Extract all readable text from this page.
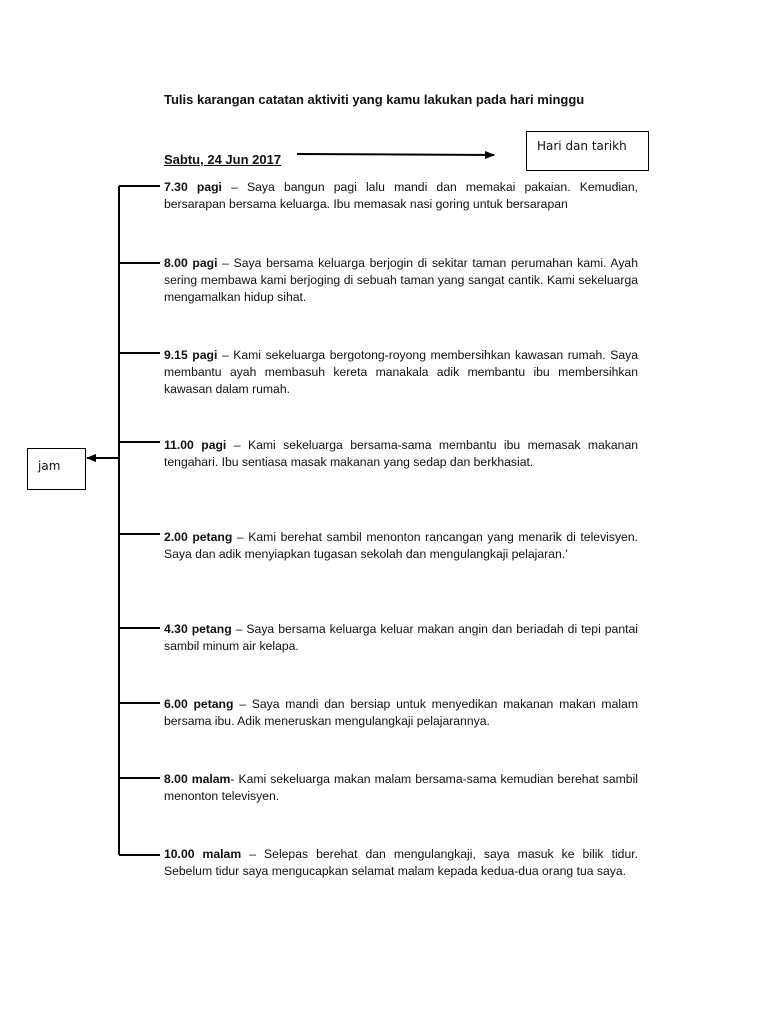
Tulis karangan catatan aktiviti yang kamu lakukan pada hari minggu
Sabtu, 24 Jun 2017
Hari dan tarikh
jam
7.30 pagi – Saya bangun pagi lalu mandi dan memakai pakaian. Kemudian, bersarapan bersama keluarga. Ibu memasak nasi goring untuk bersarapan
8.00 pagi – Saya bersama keluarga berjogin di sekitar taman perumahan kami. Ayah sering membawa kami berjoging di sebuah taman yang sangat cantik. Kami sekeluarga mengamalkan hidup sihat.
9.15 pagi – Kami sekeluarga bergotong-royong membersihkan kawasan rumah. Saya membantu ayah membasuh kereta manakala adik membantu ibu membersihkan kawasan dalam rumah.
11.00 pagi – Kami sekeluarga bersama-sama membantu ibu memasak makanan tengahari. Ibu sentiasa masak makanan yang sedap dan berkhasiat.
2.00 petang – Kami berehat sambil menonton rancangan yang menarik di televisyen. Saya dan adik menyiapkan tugasan sekolah dan mengulangkaji pelajaran.’
4.30 petang – Saya bersama keluarga keluar makan angin dan beriadah di tepi pantai sambil minum air kelapa.
6.00 petang – Saya mandi dan bersiap untuk menyedikan makanan makan malam bersama ibu. Adik meneruskan mengulangkaji pelajarannya.
8.00 malam- Kami sekeluarga makan malam bersama-sama kemudian berehat sambil menonton televisyen.
10.00 malam – Selepas berehat dan mengulangkaji, saya masuk ke bilik tidur. Sebelum tidur saya mengucapkan selamat malam kepada kedua-dua orang tua saya.
